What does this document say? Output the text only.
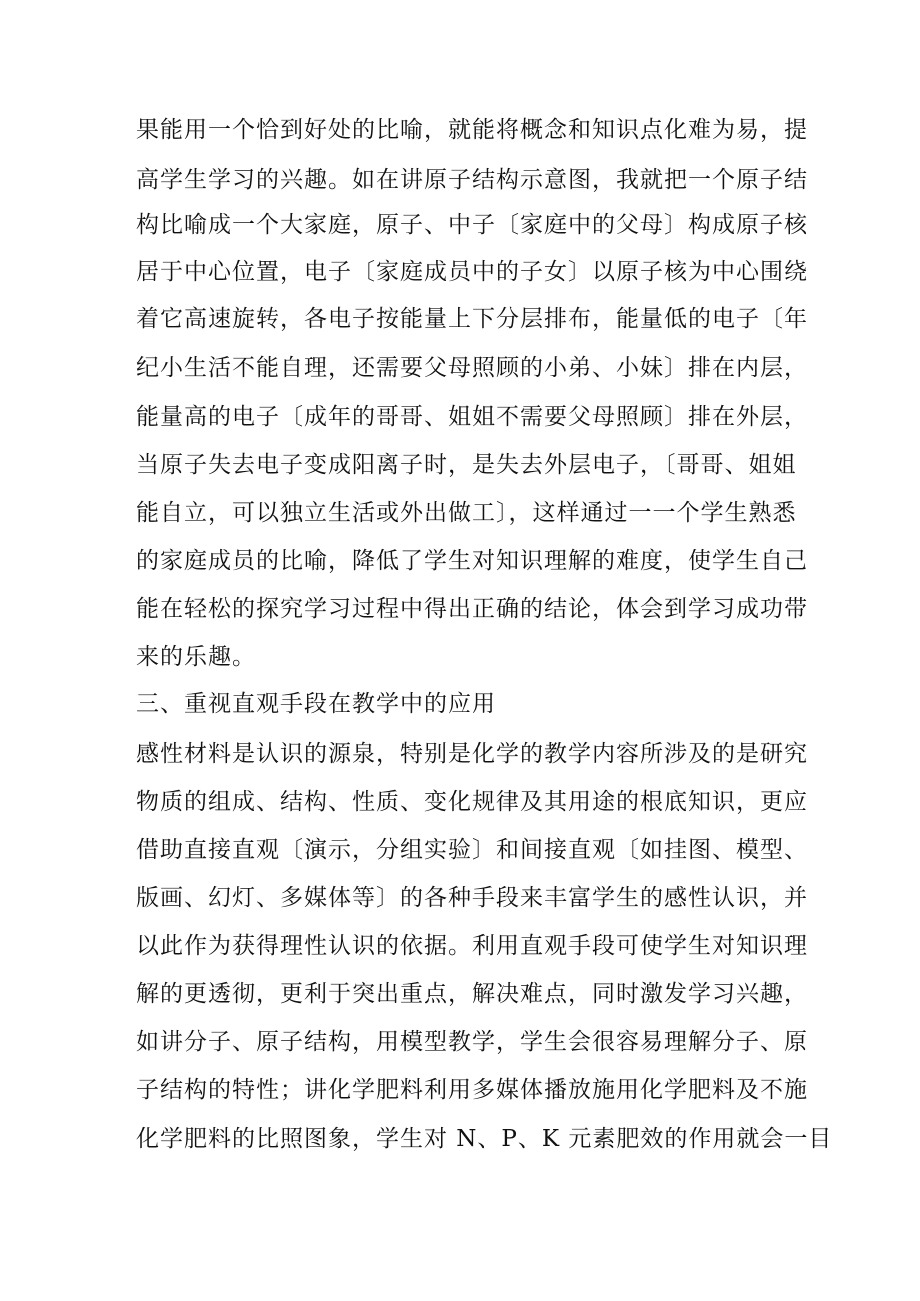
果能用一个恰到好处的比喻，就能将概念和知识点化难为易，提
高学生学习的兴趣。如在讲原子结构示意图，我就把一个原子结
构比喻成一个大家庭，原子、中子〔家庭中的父母〕构成原子核
居于中心位置，电子〔家庭成员中的子女〕以原子核为中心围绕
着它高速旋转，各电子按能量上下分层排布，能量低的电子〔年
纪小生活不能自理，还需要父母照顾的小弟、小妹〕排在内层，
能量高的电子〔成年的哥哥、姐姐不需要父母照顾〕排在外层，
当原子失去电子变成阳离子时，是失去外层电子，〔哥哥、姐姐
能自立，可以独立生活或外出做工〕，这样通过一一个学生熟悉
的家庭成员的比喻，降低了学生对知识理解的难度，使学生自己
能在轻松的探究学习过程中得出正确的结论，体会到学习成功带
来的乐趣。
三、重视直观手段在教学中的应用
感性材料是认识的源泉，特别是化学的教学内容所涉及的是研究
物质的组成、结构、性质、变化规律及其用途的根底知识，更应
借助直接直观〔演示，分组实验〕和间接直观〔如挂图、模型、
版画、幻灯、多媒体等〕的各种手段来丰富学生的感性认识，并
以此作为获得理性认识的依据。利用直观手段可使学生对知识理
解的更透彻，更利于突出重点，解决难点，同时激发学习兴趣，
如讲分子、原子结构，用模型教学，学生会很容易理解分子、原
子结构的特性；讲化学肥料利用多媒体播放施用化学肥料及不施
化学肥料的比照图象，学生对 N、P、K 元素肥效的作用就会一目
